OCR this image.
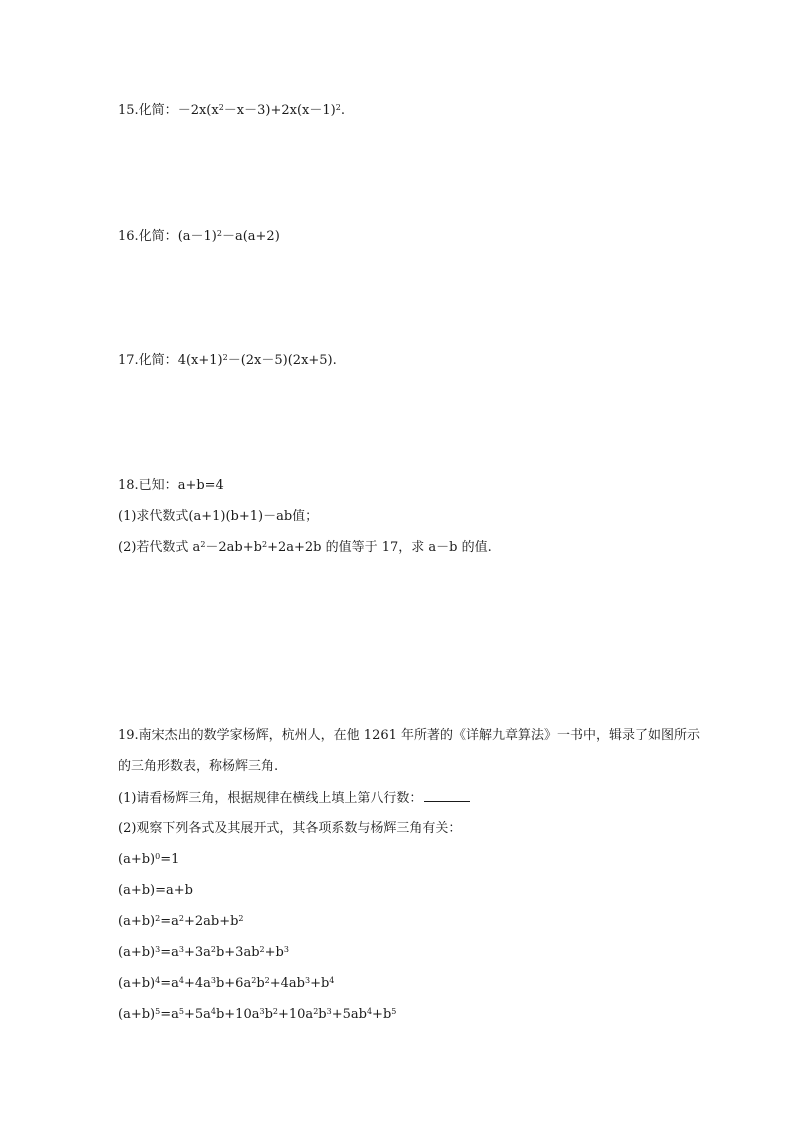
15.化简：$-2x(x^2-x-3)+2x(x-1)^2$.
16.化简：$(a-1)^2-a(a+2)$
17.化简：$4(x+1)^2-(2x-5)(2x+5)$.
18.已知：a+b=4
(1)求代数式(a+1)(b+1)－ab值；
(2)若代数式 $a^2-2ab+b^2+2a+2b$ 的值等于 17，求 a－b 的值.
19.南宋杰出的数学家杨辉，杭州人，在他 1261 年所著的《详解九章算法》一书中，辑录了如图所示的三角形数表，称杨辉三角.
(1)请看杨辉三角，根据规律在横线上填上第八行数：
(2)观察下列各式及其展开式，其各项系数与杨辉三角有关：
$(a+b)^0=1$
(a+b)=a+b
$(a+b)^2=a^2+2ab+b^2$
$(a+b)^3=a^3+3a^2b+3ab^2+b^3$
$(a+b)^4=a^4+4a^3b+6a^2b^2+4ab^3+b^4$
$(a+b)^5=a^5+5a^4b+10a^3b^2+10a^2b^3+5ab^4+b^5$
